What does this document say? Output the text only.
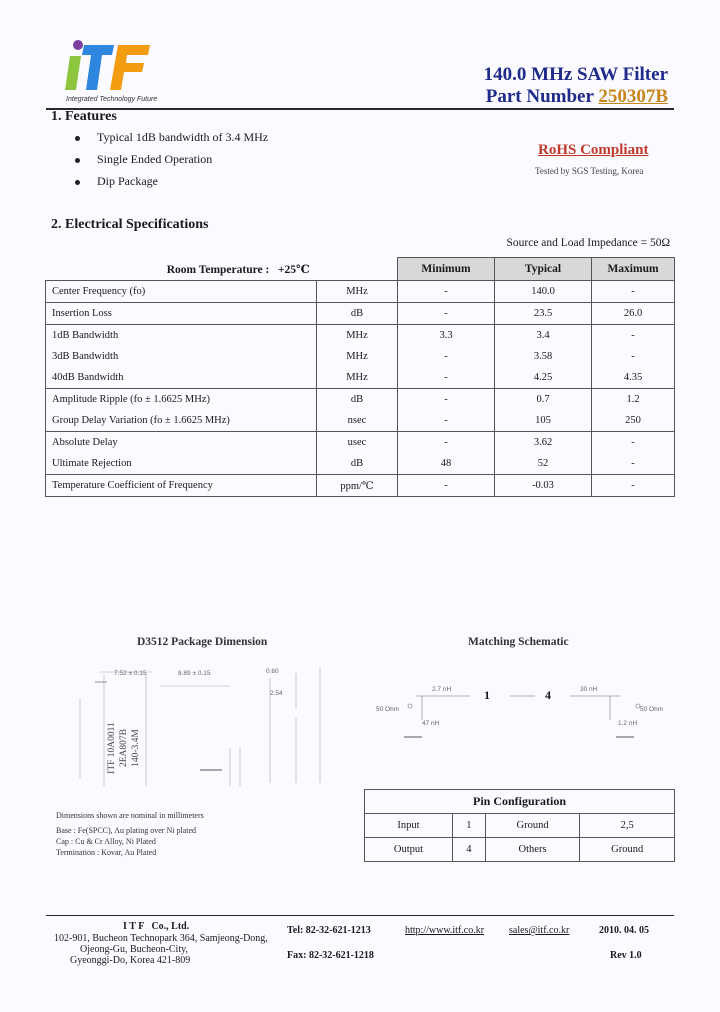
Integrated Technology Future
140.0 MHz SAW Filter
Part Number 250307B
1. Features
Typical 1dB bandwidth of 3.4 MHz
Single Ended Operation
Dip Package
RoHS Compliant
Tested by SGS Testing, Korea
2. Electrical Specifications
Source and Load Impedance = 50Ω
Room Temperature : +25℃		Minimum	Typical	Maximum
Center Frequency (fo)	MHz	-	140.0	-
Insertion Loss	dB	-	23.5	26.0
1dB Bandwidth	MHz	3.3	3.4	-
3dB Bandwidth	MHz	-	3.58	-
40dB Bandwidth	MHz	-	4.25	4.35
Amplitude Ripple (fo ± 1.6625 MHz)	dB	-	0.7	1.2
Group Delay Variation (fo ± 1.6625 MHz)	nsec	-	105	250
Absolute Delay	usec	-	3.62	-
Ultimate Rejection	dB	48	52	-
Temperature Coefficient of Frequency	ppm/℃	-	-0.03	-
D3512 Package Dimension
7.52 ± 0.15	8.89 ± 0.15	0.60
2.54
ITF 10A0011 2EA807B 140-3.4M
Dimensions shown are nominal in millimeters
Base : Fe(SPCC), Au plating over Ni plated
Cap : Cu & Cr Alloy, Ni Plated
Termination : Kovar, Au Plated
Matching Schematic
2.7 nH
47 nH
50 Ohm
30 nH
1.2 nH
50 Ohm
1	4
Pin Configuration			
Input	1	Ground	2,5
Output	4	Others	Ground
I T F   Co., Ltd.
102-901, Bucheon Technopark 364, Samjeong-Dong,
Ojeong-Gu, Bucheon-City,
Gyeonggi-Do, Korea 421-809
Tel: 82-32-621-1213
Fax: 82-32-621-1218
http://www.itf.co.kr sales@itf.co.kr	2010. 04. 05
Rev 1.0
